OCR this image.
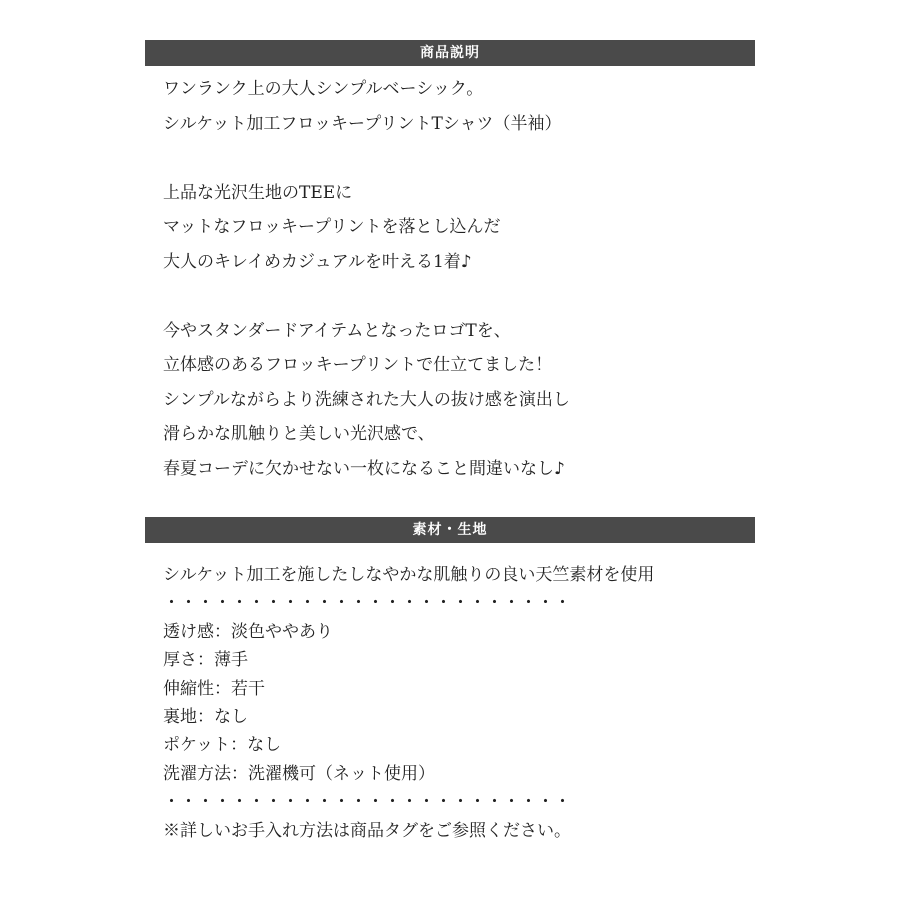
商品説明
ワンランク上の大人シンプルベーシック。
シルケット加工フロッキープリントTシャツ（半袖）
上品な光沢生地のTEEに
マットなフロッキープリントを落とし込んだ
大人のキレイめカジュアルを叶える1着♪
今やスタンダードアイテムとなったロゴTを、
立体感のあるフロッキープリントで仕立てました！
シンプルながらより洗練された大人の抜け感を演出し
滑らかな肌触りと美しい光沢感で、
春夏コーデに欠かせない一枚になること間違いなし♪
素材・生地
シルケット加工を施したしなやかな肌触りの良い天竺素材を使用
・・・・・・・・・・・・・・・・・・・・・・・・
透け感：淡色ややあり
厚さ：薄手
伸縮性：若干
裏地：なし
ポケット：なし
洗濯方法：洗濯機可（ネット使用）
・・・・・・・・・・・・・・・・・・・・・・・・
※詳しいお手入れ方法は商品タグをご参照ください。
